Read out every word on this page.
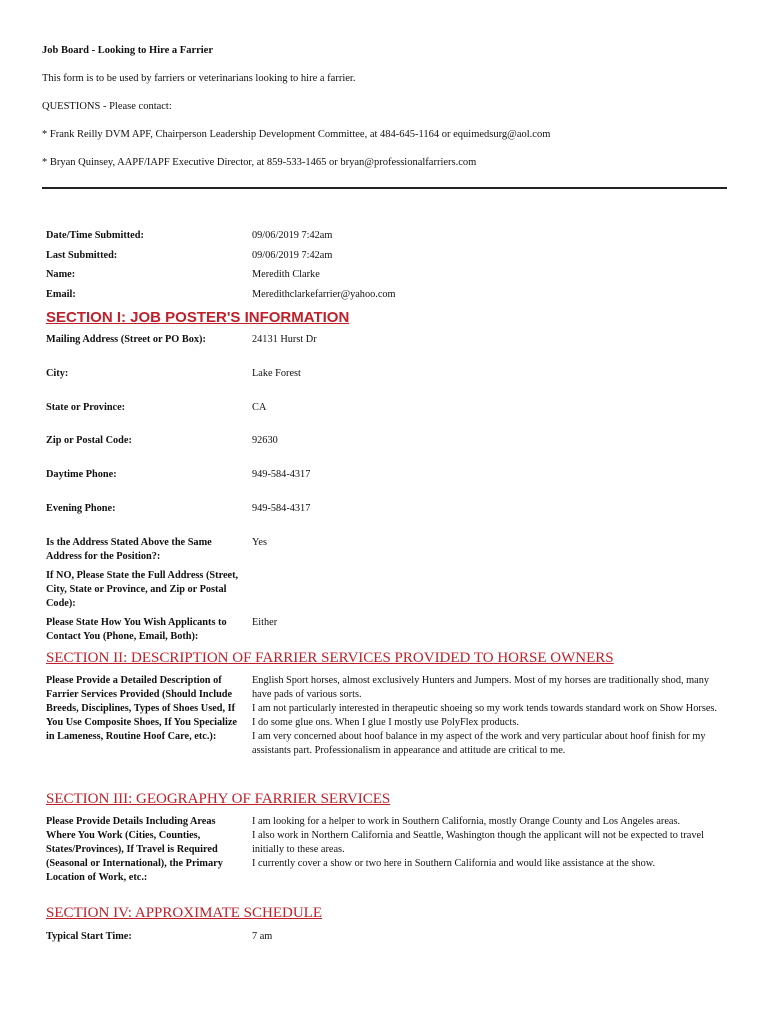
Job Board - Looking to Hire a Farrier
This form is to be used by farriers or veterinarians looking to hire a farrier.
QUESTIONS - Please contact:
* Frank Reilly DVM APF, Chairperson Leadership Development Committee, at 484-645-1164 or equimedsurg@aol.com
* Bryan Quinsey, AAPF/IAPF Executive Director, at 859-533-1465 or bryan@professionalfarriers.com
Date/Time Submitted:	09/06/2019 7:42am
Last Submitted:	09/06/2019 7:42am
Name:	Meredith Clarke
Email:	Meredithclarkefarrier@yahoo.com
SECTION I: JOB POSTER'S INFORMATION
Mailing Address (Street or PO Box):	24131 Hurst Dr
City:	Lake Forest
State or Province:	CA
Zip or Postal Code:	92630
Daytime Phone:	949-584-4317
Evening Phone:	949-584-4317
Is the Address Stated Above the Same Address for the Position?:
Yes
If NO, Please State the Full Address (Street, City, State or Province, and Zip or Postal Code):
Please State How You Wish Applicants to Contact You (Phone, Email, Both):
Either
SECTION II: DESCRIPTION OF FARRIER SERVICES PROVIDED TO HORSE OWNERS
Please Provide a Detailed Description of Farrier Services Provided (Should Include Breeds, Disciplines, Types of Shoes Used, If You Use Composite Shoes, If You Specialize in Lameness, Routine Hoof Care, etc.):
English Sport horses, almost exclusively Hunters and Jumpers. Most of my horses are traditionally shod, many have pads of various sorts.
I am not particularly interested in therapeutic shoeing so my work tends towards standard work on Show Horses.
I do some glue ons. When I glue I mostly use PolyFlex products.
I am very concerned about hoof balance in my aspect of the work and very particular about hoof finish for my assistants part. Professionalism in appearance and attitude are critical to me.
SECTION III: GEOGRAPHY OF FARRIER SERVICES
Please Provide Details Including Areas Where You Work (Cities, Counties, States/Provinces), If Travel is Required (Seasonal or International), the Primary Location of Work, etc.:
I am looking for a helper to work in Southern California, mostly Orange County and Los Angeles areas.
I also work in Northern California and Seattle, Washington though the applicant will not be expected to travel initially to these areas.
I currently cover a show or two here in Southern California and would like assistance at the show.
SECTION IV: APPROXIMATE SCHEDULE
Typical Start Time:	7 am
